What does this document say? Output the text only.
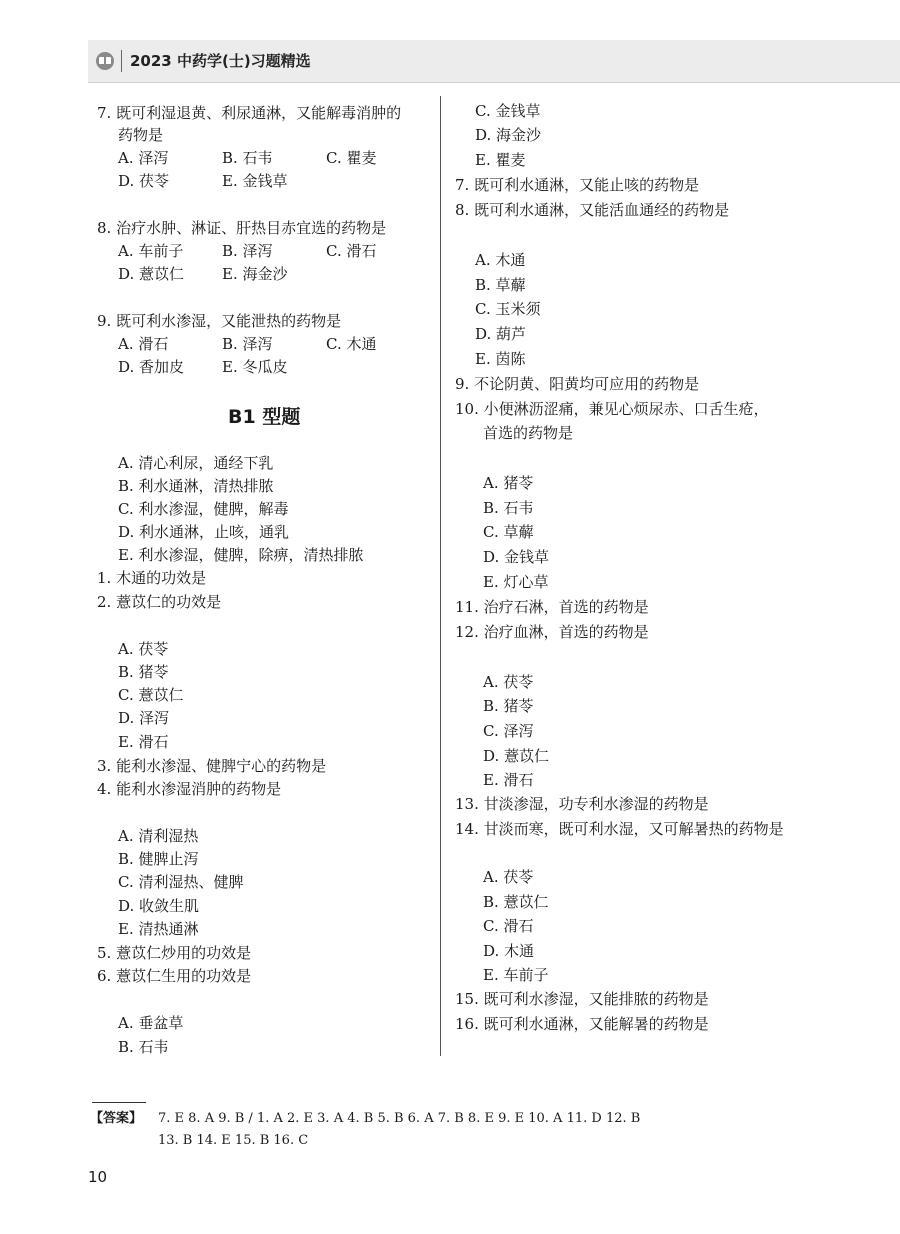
2023 中药学(士)习题精选
7. 既可利湿退黄、利尿通淋，又能解毒消肿的
药物是
A. 泽泻	B. 石韦	C. 瞿麦
D. 茯苓	E. 金钱草
8. 治疗水肿、淋证、肝热目赤宜选的药物是
A. 车前子	B. 泽泻	C. 滑石
D. 薏苡仁	E. 海金沙
9. 既可利水渗湿，又能泄热的药物是
A. 滑石	B. 泽泻	C. 木通
D. 香加皮	E. 冬瓜皮
B1 型题
A. 清心利尿，通经下乳
B. 利水通淋，清热排脓
C. 利水渗湿，健脾，解毒
D. 利水通淋，止咳，通乳
E. 利水渗湿，健脾，除痹，清热排脓
1. 木通的功效是
2. 薏苡仁的功效是
A. 茯苓
B. 猪苓
C. 薏苡仁
D. 泽泻
E. 滑石
3. 能利水渗湿、健脾宁心的药物是
4. 能利水渗湿消肿的药物是
A. 清利湿热
B. 健脾止泻
C. 清利湿热、健脾
D. 收敛生肌
E. 清热通淋
5. 薏苡仁炒用的功效是
6. 薏苡仁生用的功效是
A. 垂盆草
B. 石韦
C. 金钱草
D. 海金沙
E. 瞿麦
7. 既可利水通淋，又能止咳的药物是
8. 既可利水通淋，又能活血通经的药物是
A. 木通
B. 草薢
C. 玉米须
D. 葫芦
E. 茵陈
9. 不论阴黄、阳黄均可应用的药物是
10. 小便淋沥涩痛，兼见心烦尿赤、口舌生疮，
首选的药物是
A. 猪苓
B. 石韦
C. 草薢
D. 金钱草
E. 灯心草
11. 治疗石淋，首选的药物是
12. 治疗血淋，首选的药物是
A. 茯苓
B. 猪苓
C. 泽泻
D. 薏苡仁
E. 滑石
13. 甘淡渗湿，功专利水渗湿的药物是
14. 甘淡而寒，既可利水湿，又可解暑热的药物是
A. 茯苓
B. 薏苡仁
C. 滑石
D. 木通
E. 车前子
15. 既可利水渗湿，又能排脓的药物是
16. 既可利水通淋，又能解暑的药物是
【答案】 7. E 8. A 9. B / 1. A 2. E 3. A 4. B 5. B 6. A 7. B 8. E 9. E 10. A 11. D 12. B
13. B 14. E 15. B 16. C
10
